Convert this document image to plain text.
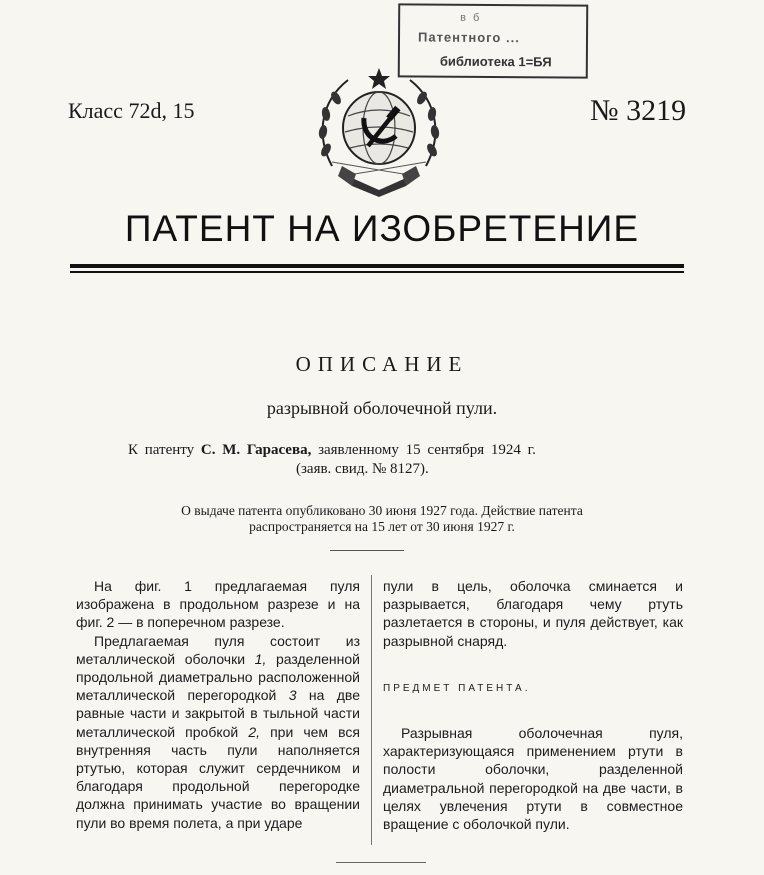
в б
Патентного ...
библиотека 1=БЯ
Класс 72d, 15	№ 3219
ПАТЕНТ НА ИЗОБРЕТЕНИЕ
ОПИСАНИЕ
разрывной оболочечной пули.
К патенту С. М. Гарасева, заявленному 15 сентября 1924 г.
(заяв. свид. № 8127).
О выдаче патента опубликовано 30 июня 1927 года. Действие патента
распространяется на 15 лет от 30 июня 1927 г.

На фиг. 1 предлагаемая пуля изображена в продольном разрезе и на фиг. 2 — в поперечном разрезе.

Предлагаемая пуля состоит из металлической оболочки 1, разделенной продольной диаметрально расположенной металлической перегородкой 3 на две равные части и закрытой в тыльной части металлической пробкой 2, при чем вся внутренняя часть пули наполняется ртутью, которая служит сердечником и благодаря продольной перегородке должна принимать участие во вращении пули во время полета, а при ударе

пули в цель, оболочка сминается и разрывается, благодаря чему ртуть разлетается в стороны, и пуля действует, как разрывной снаряд.

ПРЕДМЕТ ПАТЕНТА.

Разрывная оболочечная пуля, характеризующаяся применением ртути в полости оболочки, разделенной диаметральной перегородкой на две части, в целях увлечения ртути в совместное вращение с оболочкой пули.
